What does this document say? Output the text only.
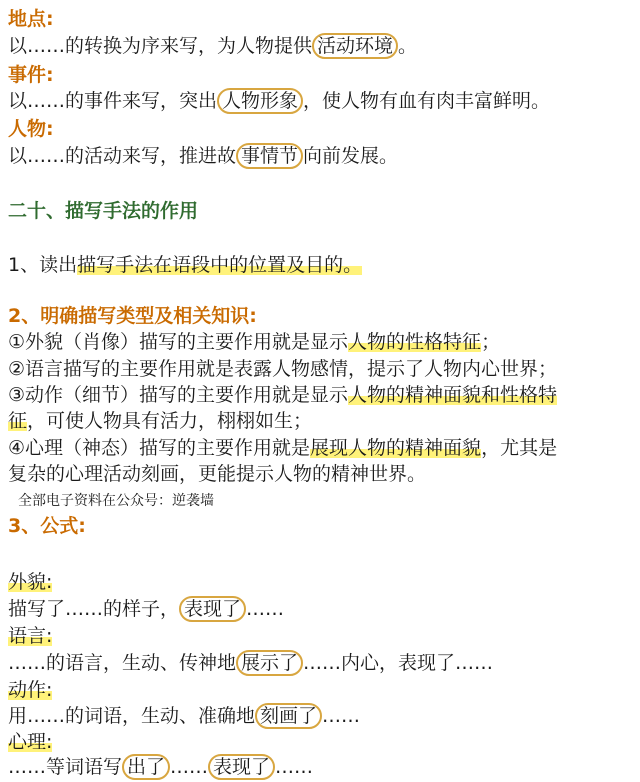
地点:
以……的转换为序来写，为人物提供 活动环境 。
事件:
以……的事件来写，突出 人物形象 ，使人物有血有肉丰富鲜明。
人物:
以……的活动来写，推进故 事情节 向前发展。
二十、描写手法的作用
1、读出描写手法在语段中的位置及目的。
2、明确描写类型及相关知识:
①外貌（肖像）描写的主要作用就是显示人物的性格特征；
②语言描写的主要作用就是表露人物感情，提示了人物内心世界；
③动作（细节）描写的主要作用就是显示人物的精神面貌和性格特
征，可使人物具有活力，栩栩如生；
④心理（神态）描写的主要作用就是展现人物的精神面貌，尤其是
复杂的心理活动刻画，更能提示人物的精神世界。
全部电子资料在公众号：逆袭墙
3、公式:
外貌:
描写了……的样子， 表现了 ……
语言:
……的语言，生动、传神地 展示了 ……内心，表现了……
动作:
用……的词语，生动、准确地 刻画了 ……
心理:
……等词语写 出了 …… 表现了 ……
